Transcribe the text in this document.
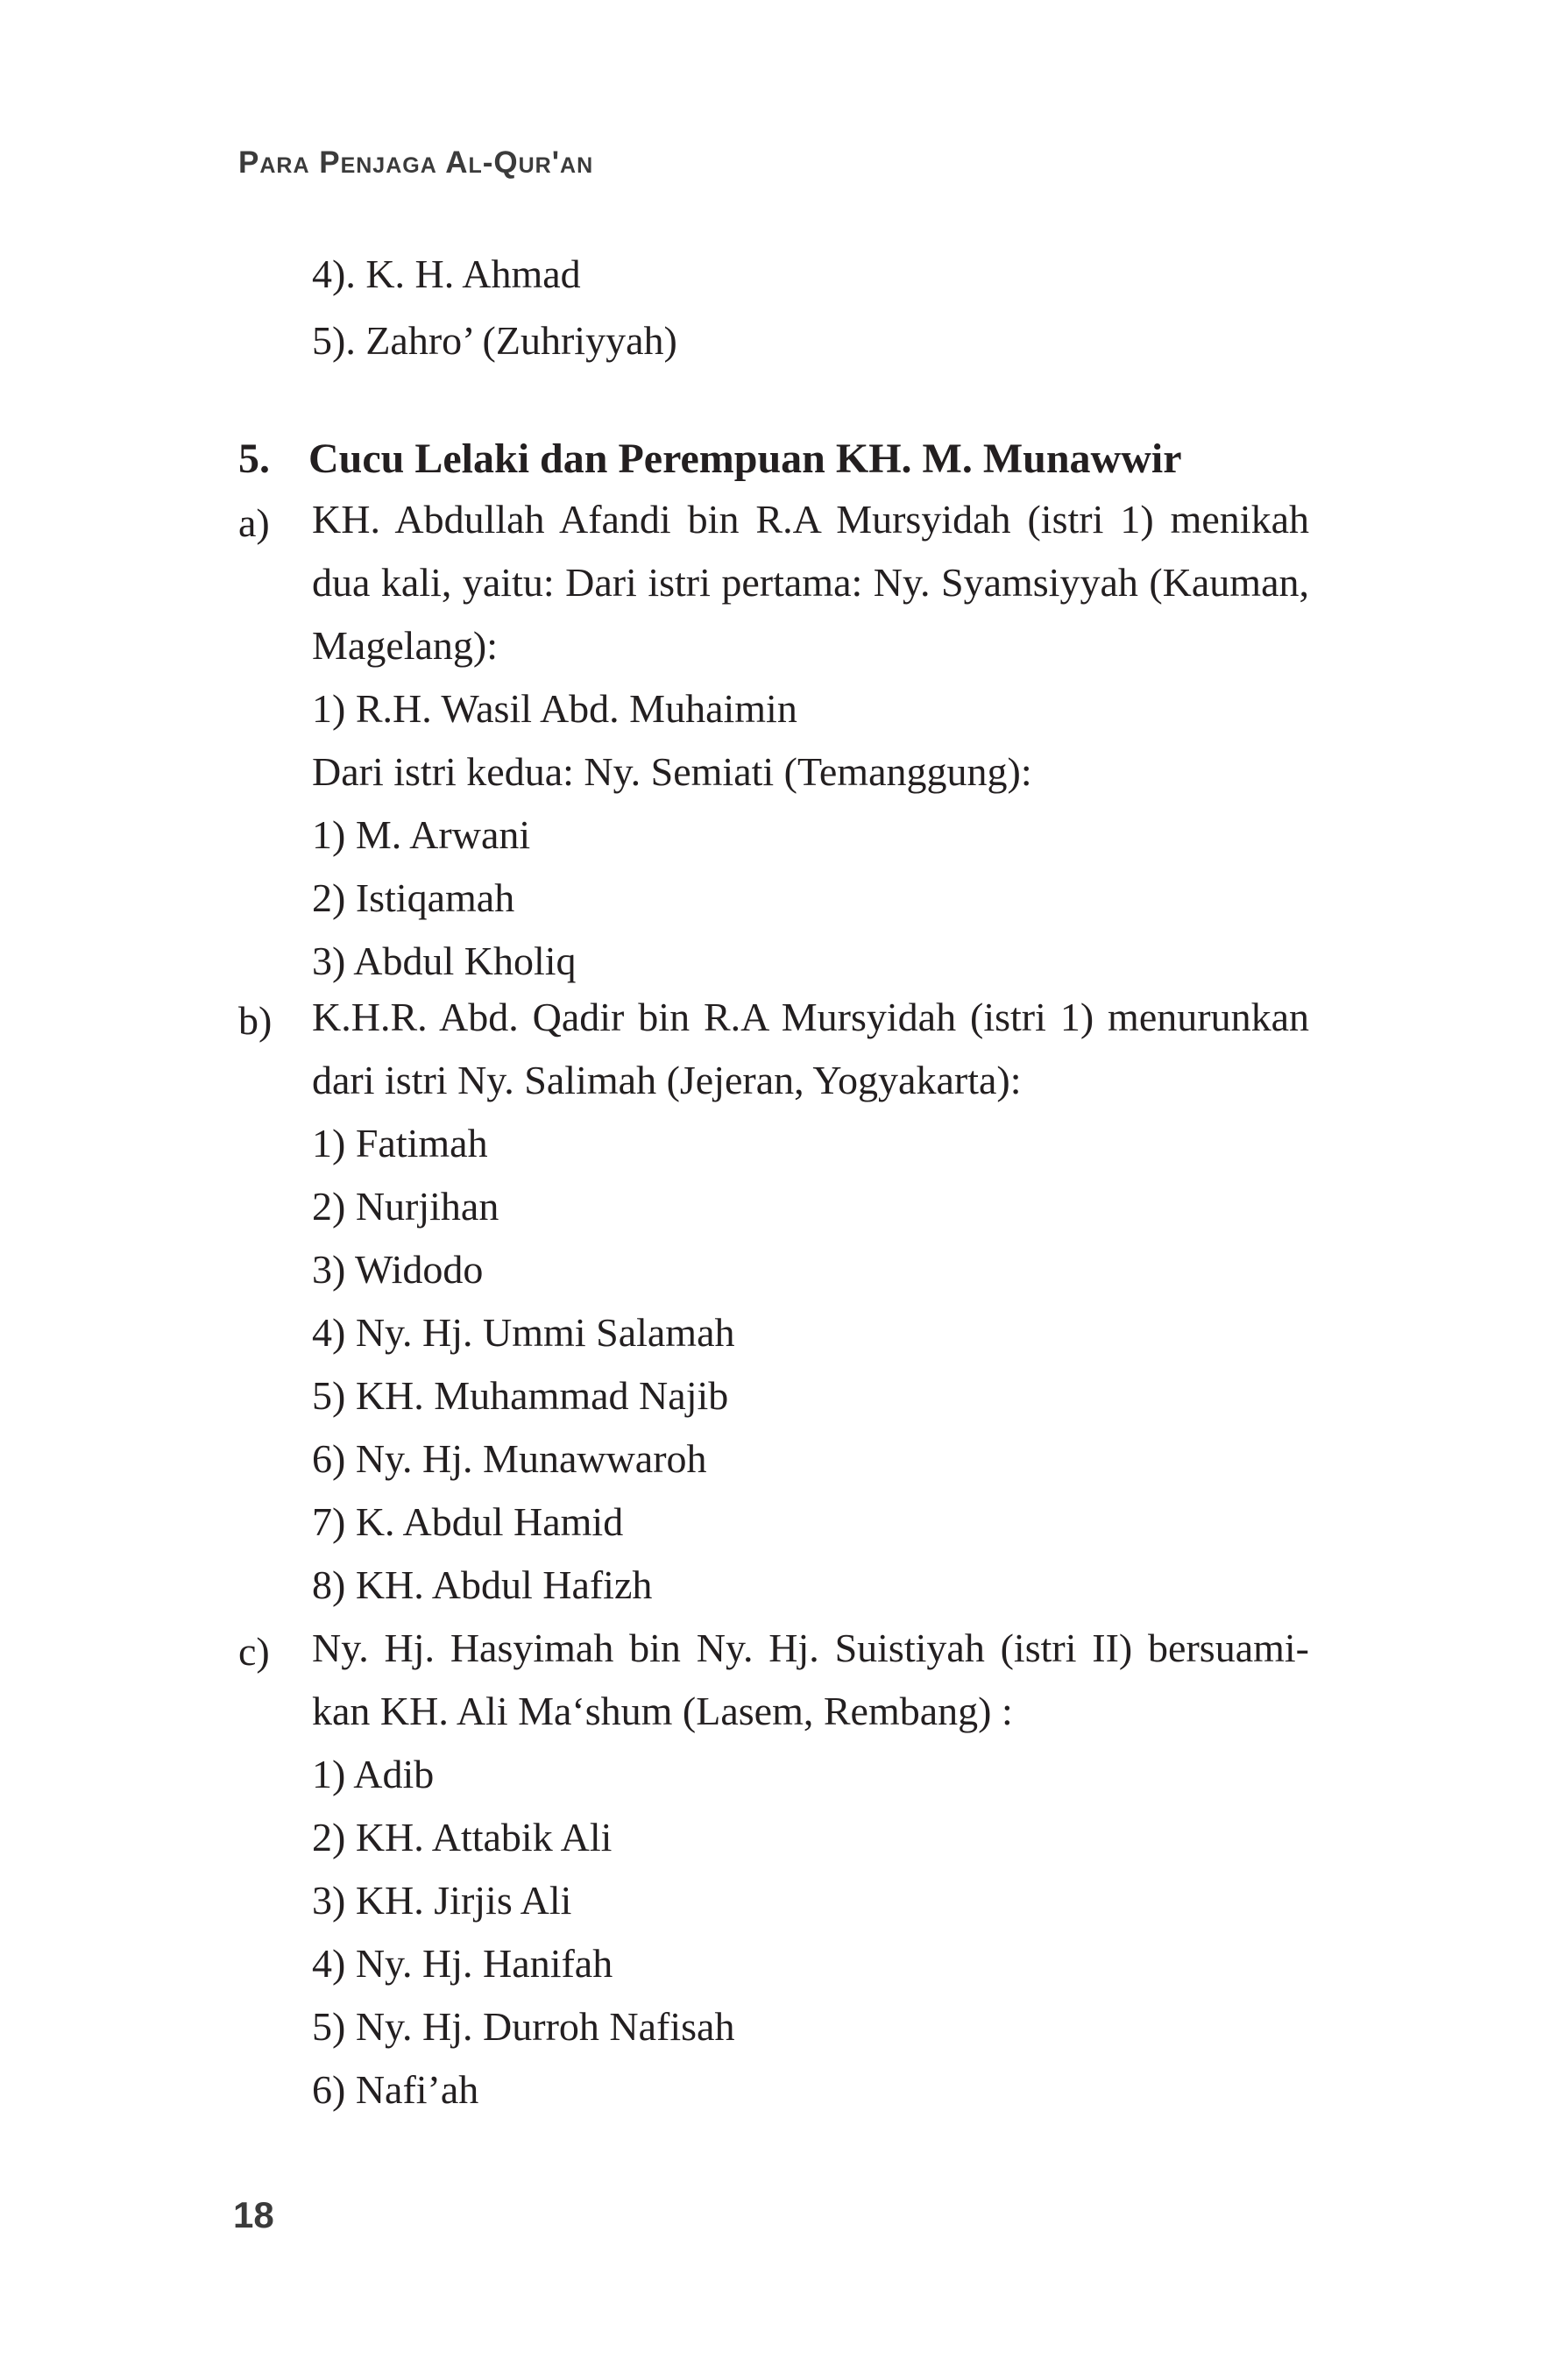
Para Penjaga Al-Qur'an
4). K. H. Ahmad
5). Zahro’ (Zuhriyyah)
5. Cucu Lelaki dan Perempuan KH. M. Munawwir
a) KH. Abdullah Afandi bin R.A Mursyidah (istri 1) menikah
dua kali, yaitu: Dari istri pertama: Ny. Syamsiyyah (Kauman,
Magelang):
1) R.H. Wasil Abd. Muhaimin
Dari istri kedua: Ny. Semiati (Temanggung):
1) M. Arwani
2) Istiqamah
3) Abdul Kholiq
b) K.H.R. Abd. Qadir bin R.A Mursyidah (istri 1) menurunkan
dari istri Ny. Salimah (Jejeran, Yogyakarta):
1) Fatimah
2) Nurjihan
3) Widodo
4) Ny. Hj. Ummi Salamah
5) KH. Muhammad Najib
6) Ny. Hj. Munawwaroh
7) K. Abdul Hamid
8) KH. Abdul Hafizh
c) Ny. Hj. Hasyimah bin Ny. Hj. Suistiyah (istri II) bersuami-
kan KH. Ali Ma‘shum (Lasem, Rembang) :
1) Adib
2) KH. Attabik Ali
3) KH. Jirjis Ali
4) Ny. Hj. Hanifah
5) Ny. Hj. Durroh Nafisah
6) Nafi’ah
18
